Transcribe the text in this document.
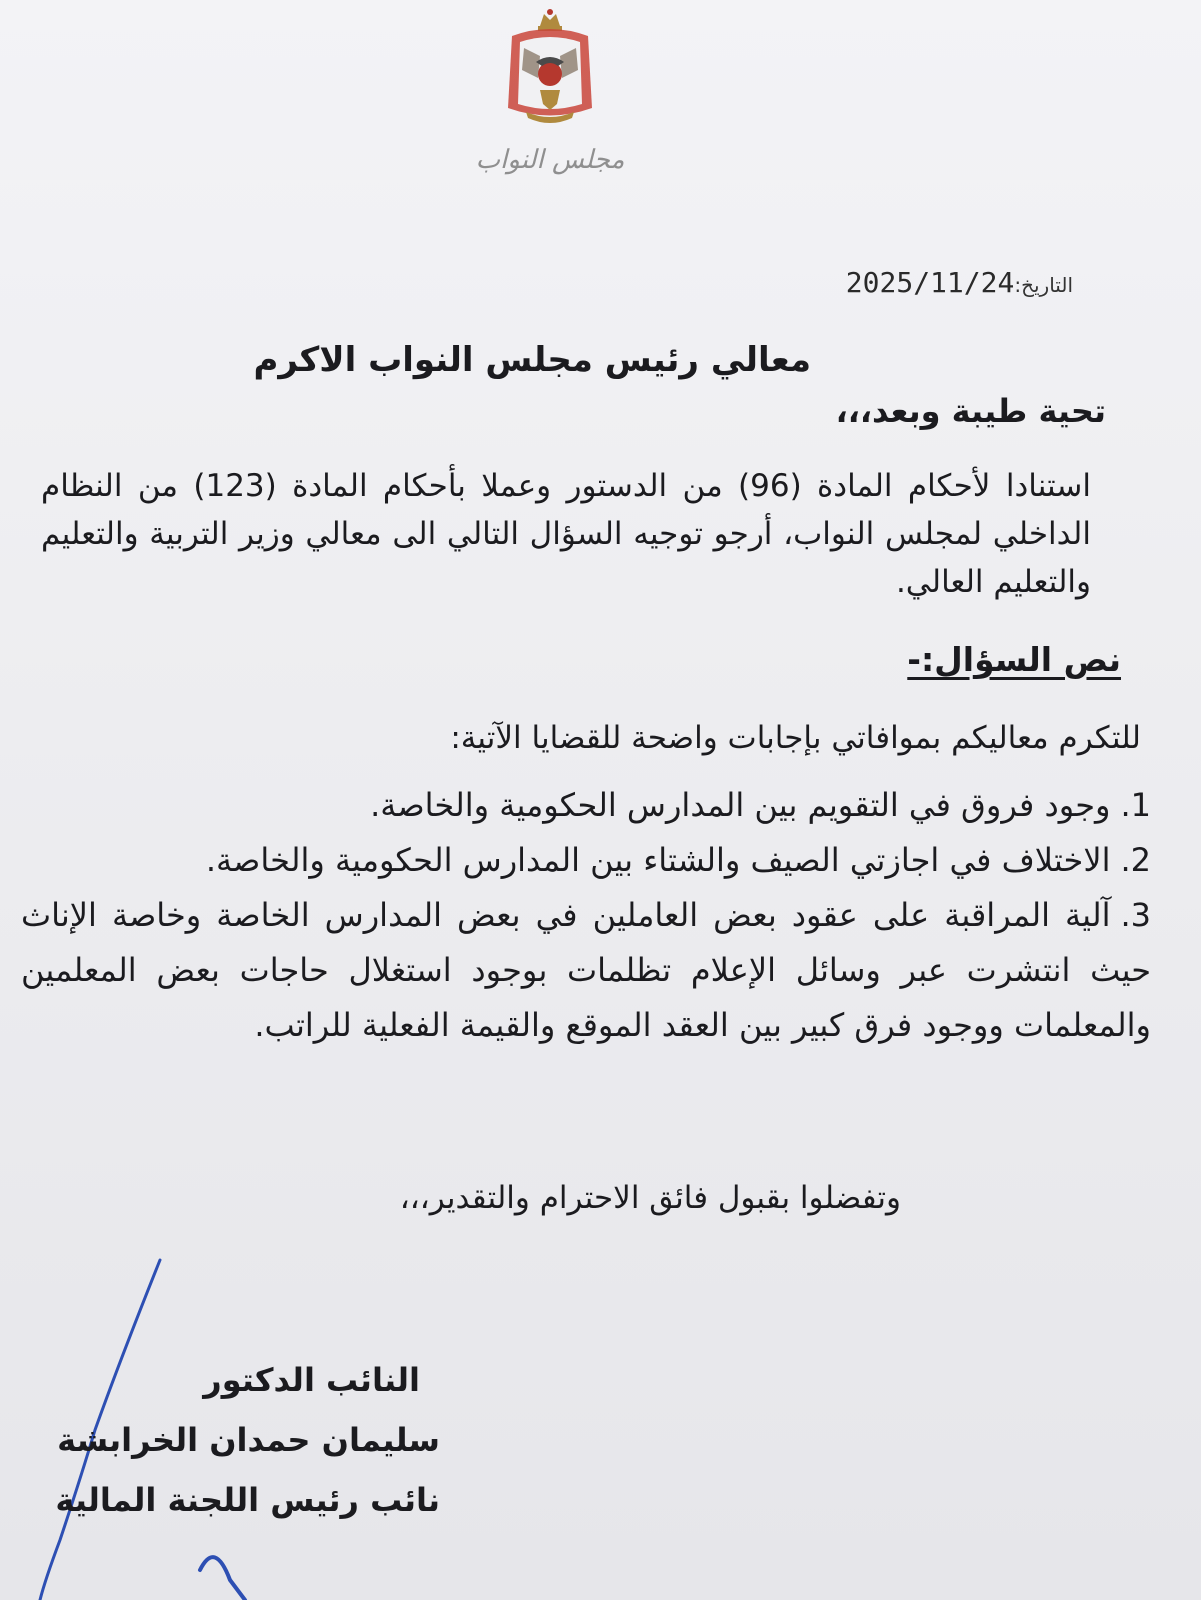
مجلس النواب
التاريخ:2025/11/24
معالي رئيس مجلس النواب الاكرم
تحية طيبة وبعد،،،
استنادا لأحكام المادة (96) من الدستور وعملا بأحكام المادة (123) من النظام الداخلي لمجلس النواب، أرجو توجيه السؤال التالي الى معالي وزير التربية والتعليم والتعليم العالي.
نص السؤال:-
للتكرم معاليكم بموافاتي بإجابات واضحة للقضايا الآتية:

1.وجود فروق في التقويم بين المدارس الحكومية والخاصة.

2.الاختلاف في اجازتي الصيف والشتاء بين المدارس الحكومية والخاصة.

3.آلية المراقبة على عقود بعض العاملين في بعض المدارس الخاصة وخاصة الإناث حيث انتشرت عبر وسائل الإعلام تظلمات بوجود استغلال حاجات بعض المعلمين والمعلمات ووجود فرق كبير بين العقد الموقع والقيمة الفعلية للراتب.

وتفضلوا بقبول فائق الاحترام والتقدير،،،
النائب الدكتور
سليمان حمدان الخرابشة
نائب رئيس اللجنة المالية
